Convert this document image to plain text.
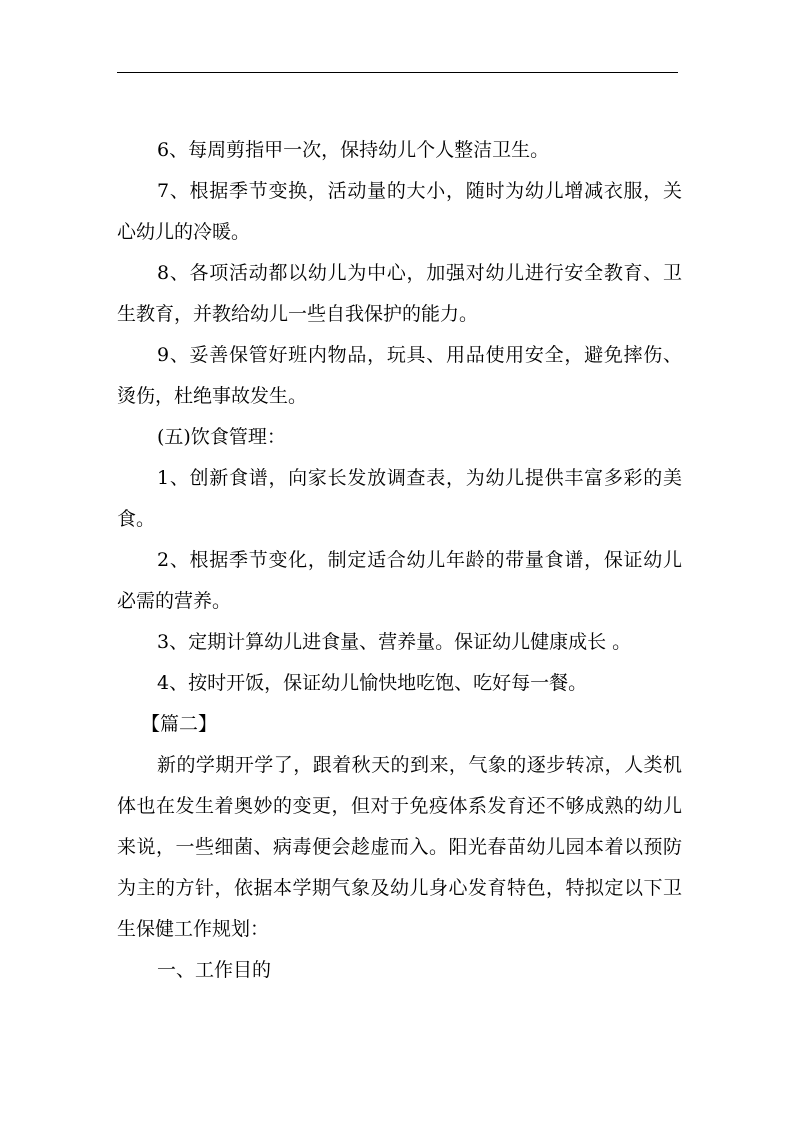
6、每周剪指甲一次，保持幼儿个人整洁卫生。

7、根据季节变换，活动量的大小，随时为幼儿增减衣服，关心幼儿的冷暖。

8、各项活动都以幼儿为中心，加强对幼儿进行安全教育、卫生教育，并教给幼儿一些自我保护的能力。

9、妥善保管好班内物品，玩具、用品使用安全，避免摔伤、烫伤，杜绝事故发生。

(五)饮食管理：

1、创新食谱，向家长发放调查表，为幼儿提供丰富多彩的美食。

2、根据季节变化，制定适合幼儿年龄的带量食谱，保证幼儿必需的营养。

3、定期计算幼儿进食量、营养量。保证幼儿健康成长 。

4、按时开饭，保证幼儿愉快地吃饱、吃好每一餐。

【篇二】

新的学期开学了，跟着秋天的到来，气象的逐步转凉，人类机体也在发生着奥妙的变更，但对于免疫体系发育还不够成熟的幼儿来说，一些细菌、病毒便会趁虚而入。阳光春苗幼儿园本着以预防为主的方针，依据本学期气象及幼儿身心发育特色，特拟定以下卫生保健工作规划：

一、工作目的
